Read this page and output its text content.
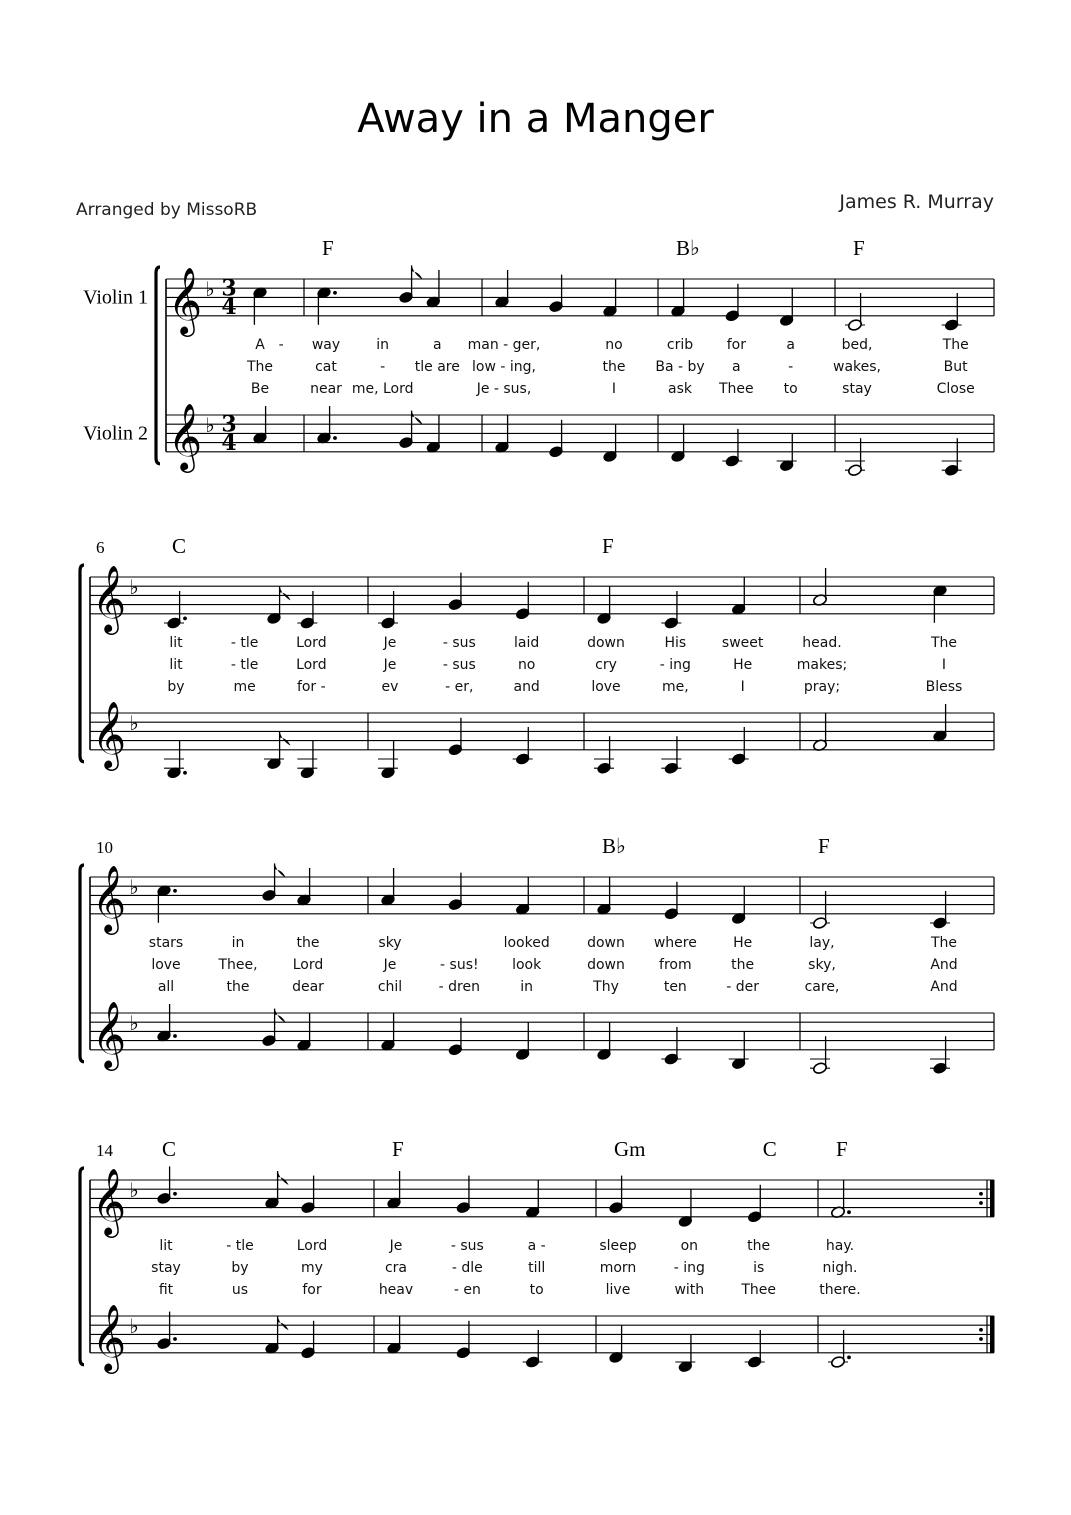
Away in a Manger
Arranged by MissoRB	James R. Murray
𝄞 ♭ 3
4
𝄞 ♭ 3
4
Violin 1
Violin 2
A -
The
Be
way	in	a
cat	- tle are
near me, Lord
man - ger,	no
low - ing,	the
Je - sus,	I
crib for	a
Ba - by a	-
ask Thee to
bed,	The
wakes,	But
stay	Close
F	B♭	F
𝄞 ♭
𝄞 ♭
6
lit	- tle	Lord
lit	- tle	Lord
by	me	for -
Je	- sus	laid
Je	- sus	no
ev	- er,	and
down	His	sweet
cry	- ing	He
love	me,	I
head.	The
makes;	I
pray;	Bless
C	F
𝄞 ♭
𝄞 ♭
10
stars	in	the
love	Thee,	Lord
all	the	dear
sky	looked
Je	- sus! look
chil	- dren	in
down where	He
down from	the
Thy	ten	- der
lay,	The
sky,	And
care,	And
B♭	F
𝄞 ♭
𝄞 ♭
14
lit	- tle	Lord
stay	by	my
fit	us	for
Je	- sus	a -
cra	- dle	till
heav	- en	to
sleep	on	the
morn	- ing	is
live	with	Thee
hay.
nigh.
there.
C	F	Gm	C	F
